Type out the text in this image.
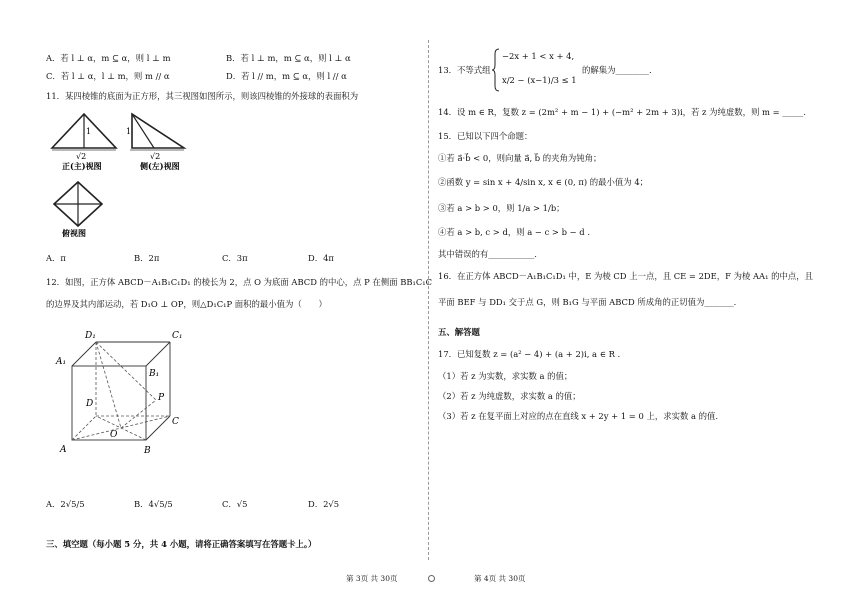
A．若 l ⊥ α，m ⊆ α，则 l ⊥ m	B．若 l ⊥ m，m ⊆ α，则 l ⊥ α
C．若 l ⊥ α，l ⊥ m，则 m // α	D．若 l // m，m ⊆ α，则 l // α
11．某四棱锥的底面为正方形，其三视图如图所示，则该四棱锥的外接球的表面积为
1
√2
正(主)视图
1
√2
侧(左)视图
俯视图
A．π	B．2π	C．3π	D．4π
12．如图，正方体 ABCD－A₁B₁C₁D₁ 的棱长为 2，点 O 为底面 ABCD 的中心，点 P 在侧面 BB₁C₁C
的边界及其内部运动，若 D₁O ⊥ OP，则△D₁C₁P 面积的最小值为（　　）
D₁	C₁
A₁
B₁
D
P
C
O
A	B
A．2√5/5	B．4√5/5	C．√5	D．2√5
三、填空题（每小题 5 分，共 4 小题，请将正确答案填写在答题卡上。）
13．不等式组
−2x + 1 < x + 4,
x/2 − (x−1)/3 ≤ 1
的解集为________.
14．设 m ∈ R，复数 z = (2m² + m − 1) + (−m² + 2m + 3)i，若 z 为纯虚数，则 m = _____.
15．已知以下四个命题：
①若 a⃗·b⃗ < 0，则向量 a⃗, b⃗ 的夹角为钝角；
②函数 y = sin x + 4/sin x, x ∈ (0, π) 的最小值为 4；
③若 a > b > 0，则 1/a > 1/b；
④若 a > b, c > d，则 a − c > b − d .
其中错误的有___________.
16．在正方体 ABCD－A₁B₁C₁D₁ 中，E 为棱 CD 上一点，且 CE = 2DE，F 为棱 AA₁ 的中点，且
平面 BEF 与 DD₁ 交于点 G，则 B₁G 与平面 ABCD 所成角的正切值为_______.
五、解答题
17．已知复数 z = (a² − 4) + (a + 2)i, a ∈ R .
（1）若 z 为实数，求实数 a 的值；
（2）若 z 为纯虚数，求实数 a 的值；
（3）若 z 在复平面上对应的点在直线 x + 2y + 1 = 0 上，求实数 a 的值.
第 3页 共 30页	第 4页 共 30页
